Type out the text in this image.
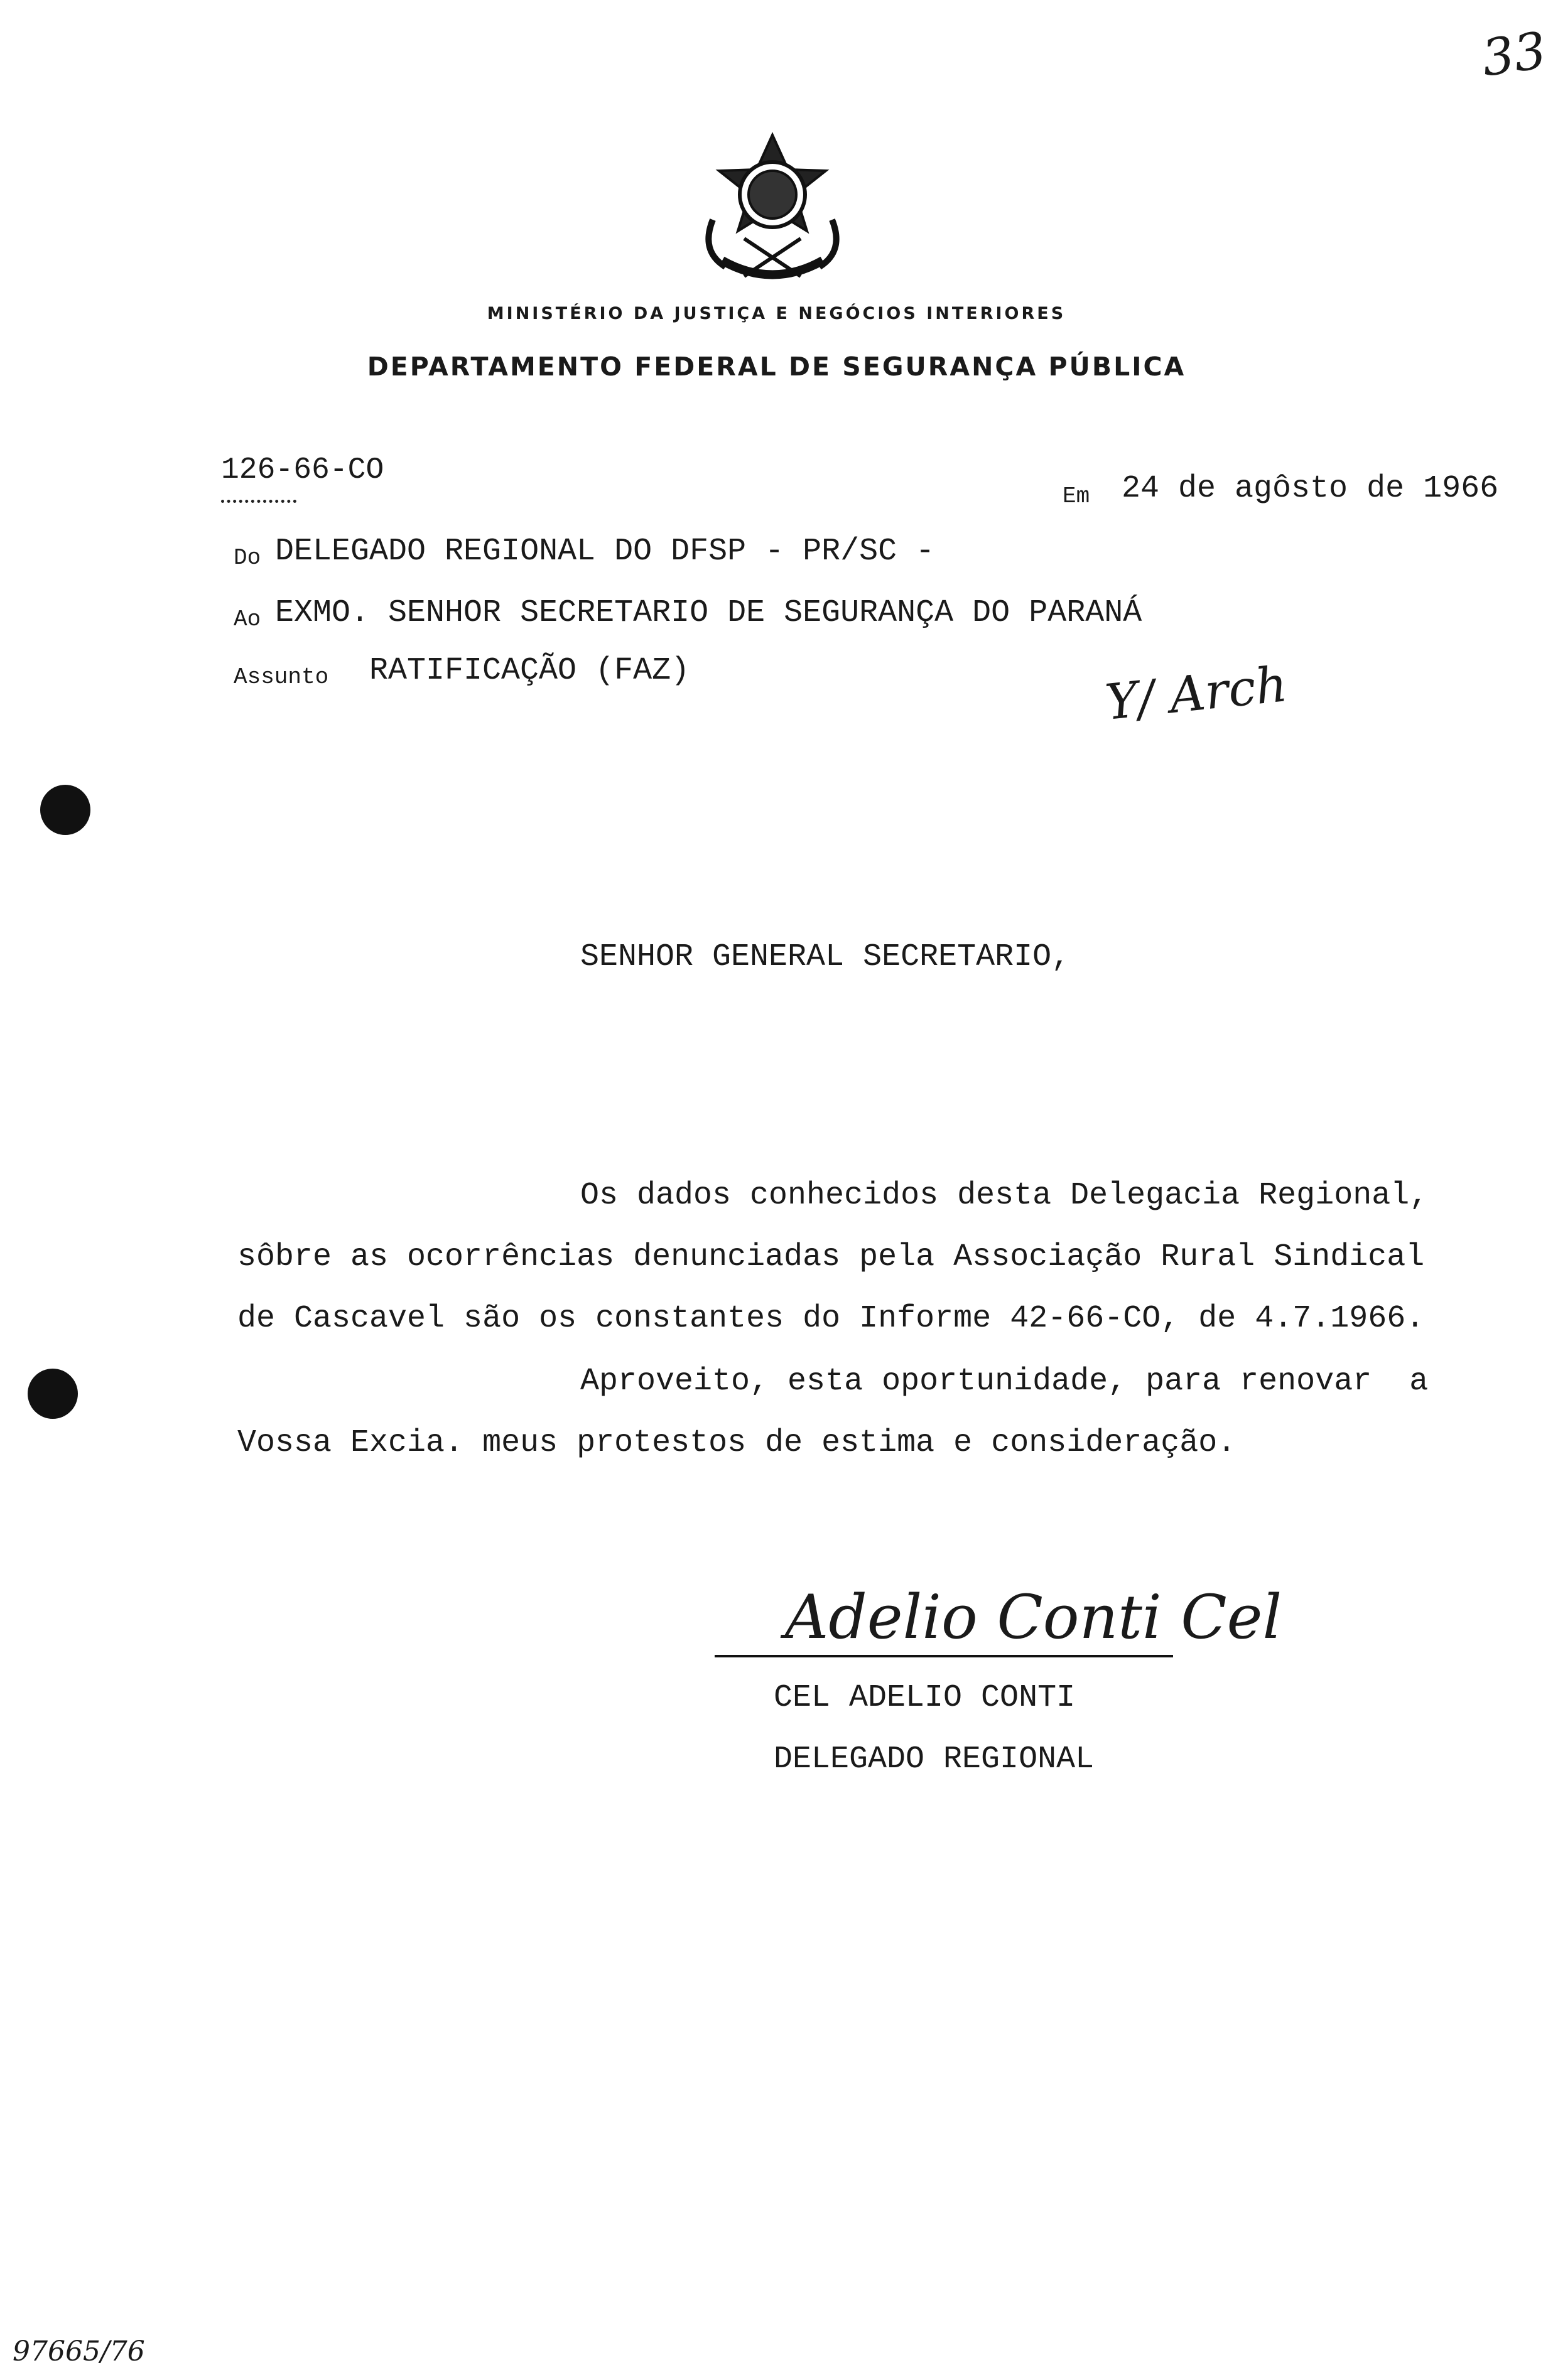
33
MINISTÉRIO DA JUSTIÇA E NEGÓCIOS INTERIORES
DEPARTAMENTO FEDERAL DE SEGURANÇA PÚBLICA
126-66-CO
Em 24 de agôsto de 1966
Do DELEGADO REGIONAL DO DFSP - PR/SC -
Ao EXMO. SENHOR SECRETARIO DE SEGURANÇA DO PARANÁ
Assunto RATIFICAÇÃO (FAZ)	Y/ Arch
SENHOR GENERAL SECRETARIO,
Os dados conhecidos desta Delegacia Regional,
sôbre as ocorrências denunciadas pela Associação Rural Sindical
de Cascavel são os constantes do Informe 42-66-CO, de 4.7.1966.
Aproveito, esta oportunidade, para renovar  a
Vossa Excia. meus protestos de estima e consideração.
Adelio Conti Cel
CEL ADELIO CONTI
DELEGADO REGIONAL
97665/76
